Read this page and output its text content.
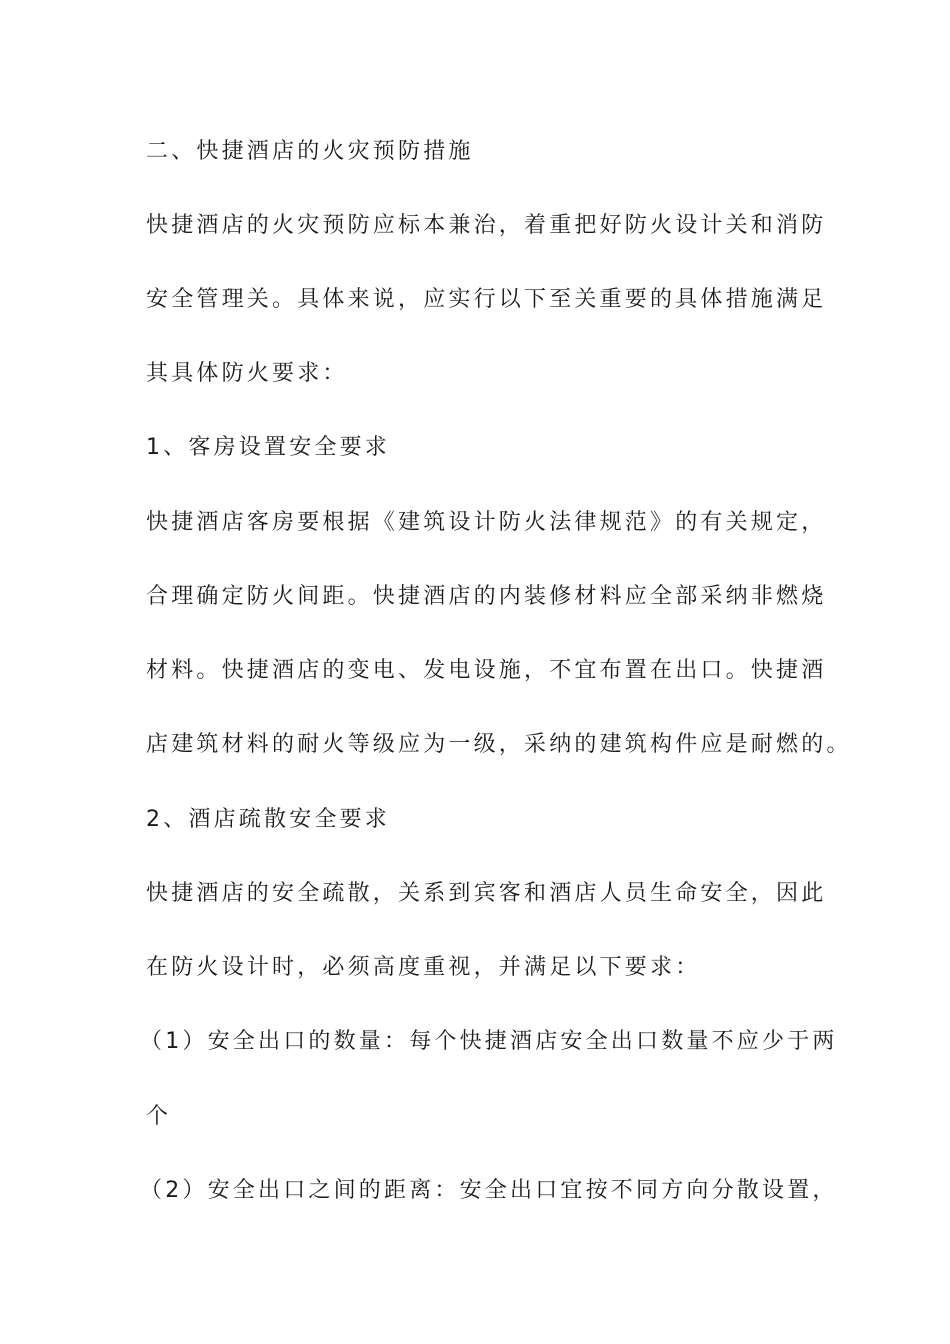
二、快捷酒店的火灾预防措施
快捷酒店的火灾预防应标本兼治，着重把好防火设计关和消防
安全管理关。具体来说，应实行以下至关重要的具体措施满足
其具体防火要求：
1、客房设置安全要求
快捷酒店客房要根据《建筑设计防火法律规范》的有关规定，
合理确定防火间距。快捷酒店的内装修材料应全部采纳非燃烧
材料。快捷酒店的变电、发电设施，不宜布置在出口。快捷酒
店建筑材料的耐火等级应为一级，采纳的建筑构件应是耐燃的。
2、酒店疏散安全要求
快捷酒店的安全疏散，关系到宾客和酒店人员生命安全，因此
在防火设计时，必须高度重视，并满足以下要求：
（1）安全出口的数量：每个快捷酒店安全出口数量不应少于两
个
（2）安全出口之间的距离：安全出口宜按不同方向分散设置，
